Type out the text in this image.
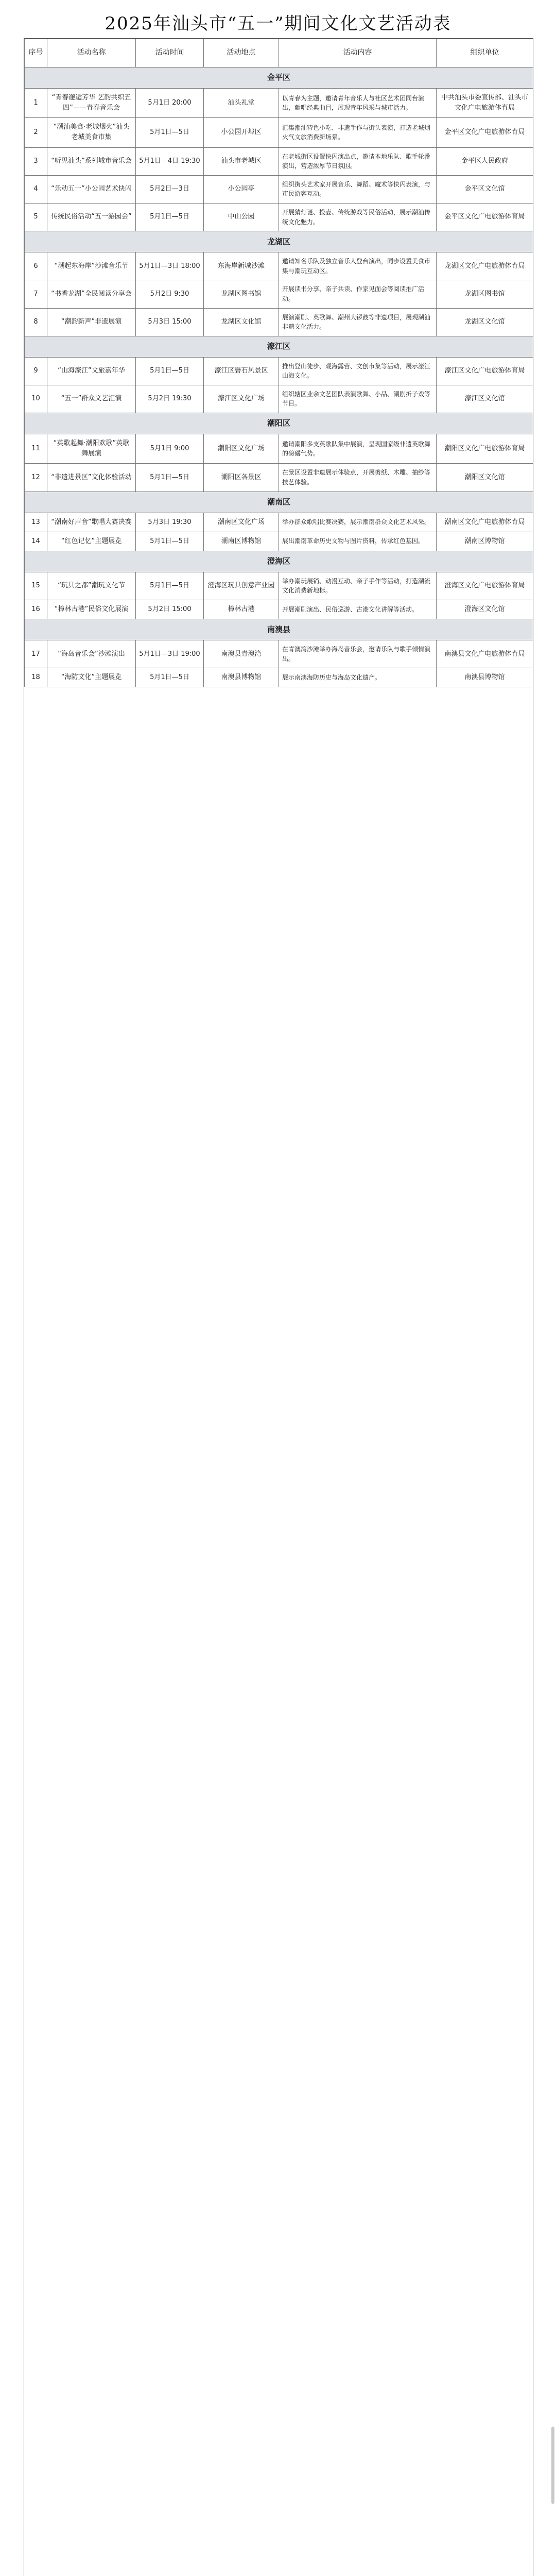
2025年汕头市“五一”期间文化文艺活动表
序号	活动名称	活动时间	活动地点	活动内容	组织单位
金平区					
1	“青春邂逅芳华 艺韵共织五四”——青春音乐会	5月1日 20:00	汕头礼堂	以青春为主题，邀请青年音乐人与社区艺术团同台演出，献唱经典曲目，展现青年风采与城市活力。	中共汕头市委宣传部、汕头市文化广电旅游体育局
2	“潮汕美食·老城烟火”汕头老城美食市集	5月1日—5日	小公园开埠区	汇集潮汕特色小吃、非遗手作与街头表演，打造老城烟火气文旅消费新场景。	金平区文化广电旅游体育局
3	“听见汕头”系列城市音乐会	5月1日—4日 19:30	汕头市老城区	在老城街区设置快闪演出点，邀请本地乐队、歌手轮番演出，营造浓厚节日氛围。	金平区人民政府
4	“乐动五一”小公园艺术快闪	5月2日—3日	小公园亭	组织街头艺术家开展音乐、舞蹈、魔术等快闪表演，与市民游客互动。	金平区文化馆
5	传统民俗活动“五一游园会”	5月1日—5日	中山公园	开展猜灯谜、投壶、传统游戏等民俗活动，展示潮汕传统文化魅力。	金平区文化广电旅游体育局
龙湖区					
6	“潮起东海岸”沙滩音乐节	5月1日—3日 18:00	东海岸新城沙滩	邀请知名乐队及独立音乐人登台演出，同步设置美食市集与潮玩互动区。	龙湖区文化广电旅游体育局
7	“书香龙湖”全民阅读分享会	5月2日 9:30	龙湖区图书馆	开展读书分享、亲子共读、作家见面会等阅读推广活动。	龙湖区图书馆
8	“潮韵新声”非遗展演	5月3日 15:00	龙湖区文化馆	展演潮剧、英歌舞、潮州大锣鼓等非遗项目，展现潮汕非遗文化活力。	龙湖区文化馆
濠江区					
9	“山海濠江”文旅嘉年华	5月1日—5日	濠江区礐石风景区	推出登山徒步、观海露营、文创市集等活动，展示濠江山海文化。	濠江区文化广电旅游体育局
10	“五一”群众文艺汇演	5月2日 19:30	濠江区文化广场	组织辖区业余文艺团队表演歌舞、小品、潮剧折子戏等节目。	濠江区文化馆
潮阳区					
11	“英歌起舞·潮阳欢歌”英歌舞展演	5月1日 9:00	潮阳区文化广场	邀请潮阳多支英歌队集中展演，呈现国家级非遗英歌舞的磅礴气势。	潮阳区文化广电旅游体育局
12	“非遗进景区”文化体验活动	5月1日—5日	潮阳区各景区	在景区设置非遗展示体验点，开展剪纸、木雕、抽纱等技艺体验。	潮阳区文化馆
潮南区					
13	“潮南好声音”歌唱大赛决赛	5月3日 19:30	潮南区文化广场	举办群众歌唱比赛决赛，展示潮南群众文化艺术风采。	潮南区文化广电旅游体育局
14	“红色记忆”主题展览	5月1日—5日	潮南区博物馆	展出潮南革命历史文物与图片资料，传承红色基因。	潮南区博物馆
澄海区					
15	“玩具之都”潮玩文化节	5月1日—5日	澄海区玩具创意产业园	举办潮玩展销、动漫互动、亲子手作等活动，打造潮流文化消费新地标。	澄海区文化广电旅游体育局
16	“樟林古港”民俗文化展演	5月2日 15:00	樟林古港	开展潮剧演出、民俗巡游、古港文化讲解等活动。	澄海区文化馆
南澳县					
17	“海岛音乐会”沙滩演出	5月1日—3日 19:00	南澳县青澳湾	在青澳湾沙滩举办海岛音乐会，邀请乐队与歌手倾情演出。	南澳县文化广电旅游体育局
18	“海防文化”主题展览	5月1日—5日	南澳县博物馆	展示南澳海防历史与海岛文化遗产。	南澳县博物馆
